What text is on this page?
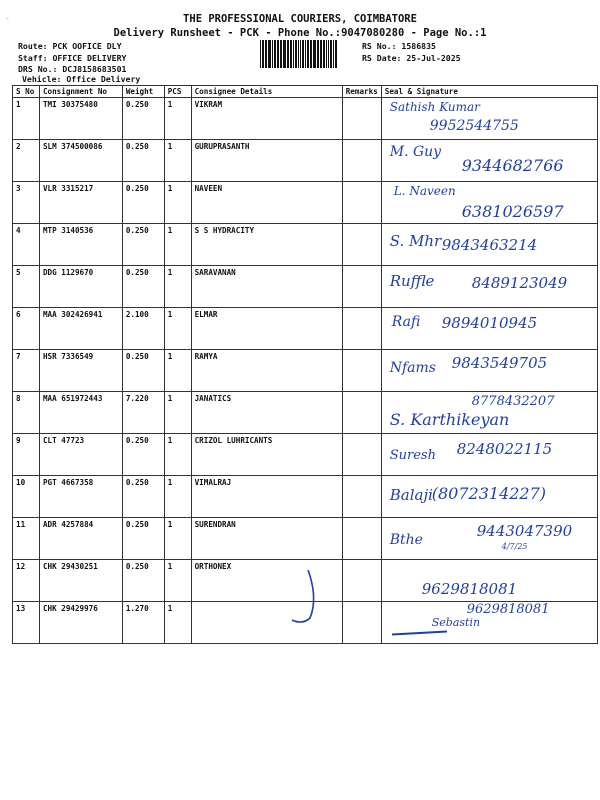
-	THE PROFESSIONAL COURIERS, COIMBATORE
Delivery Runsheet - PCK - Phone No.:9047080280 - Page No.:1
Route: PCK OOFICE DLY
Staff: OFFICE DELIVERY
DRS No.: DCJ8158683501
Vehicle: Office Delivery
RS No.: 1586835
RS Date: 25-Jul-2025
S No	Consignment No	Weight	PCS	Consignee Details	Remarks	Seal & Signature
1	TMI 30375480	0.250	1	VIKRAM		Sathish Kumar
9952544755

2	SLM 374500086	0.250	1	GURUPRASANTH		M. Guy
9344682766

3	VLR 3315217	0.250	1	NAVEEN		L. Naveen
6381026597

4	MTP 3140536	0.250	1	S S HYDRACITY		S. Mhr 9843463214

5	DDG 1129670	0.250	1	SARAVANAN		Ruffle 8489123049

6	MAA 302426941	2.100	1	ELMAR		Rafi 9894010945

7	HSR 7336549	0.250	1	RAMYA		Nfams 9843549705

8	MAA 651972443	7.220	1	JANATICS		S. Karthikeyan
8778432207

9	CLT 47723	0.250	1	CRIZOL LUHRICANTS		Suresh 8248022115

10	PGT 4667358	0.250	1	VIMALRAJ		Balaji
(8072314227)

11	ADR 4257884	0.250	1	SURENDRAN		Bthe 9443047390
4/7/25

12	CHK 29430251	0.250	1	ORTHONEX		9629818081

13	CHK 29429976	1.270	1			Sebastin
9629818081
